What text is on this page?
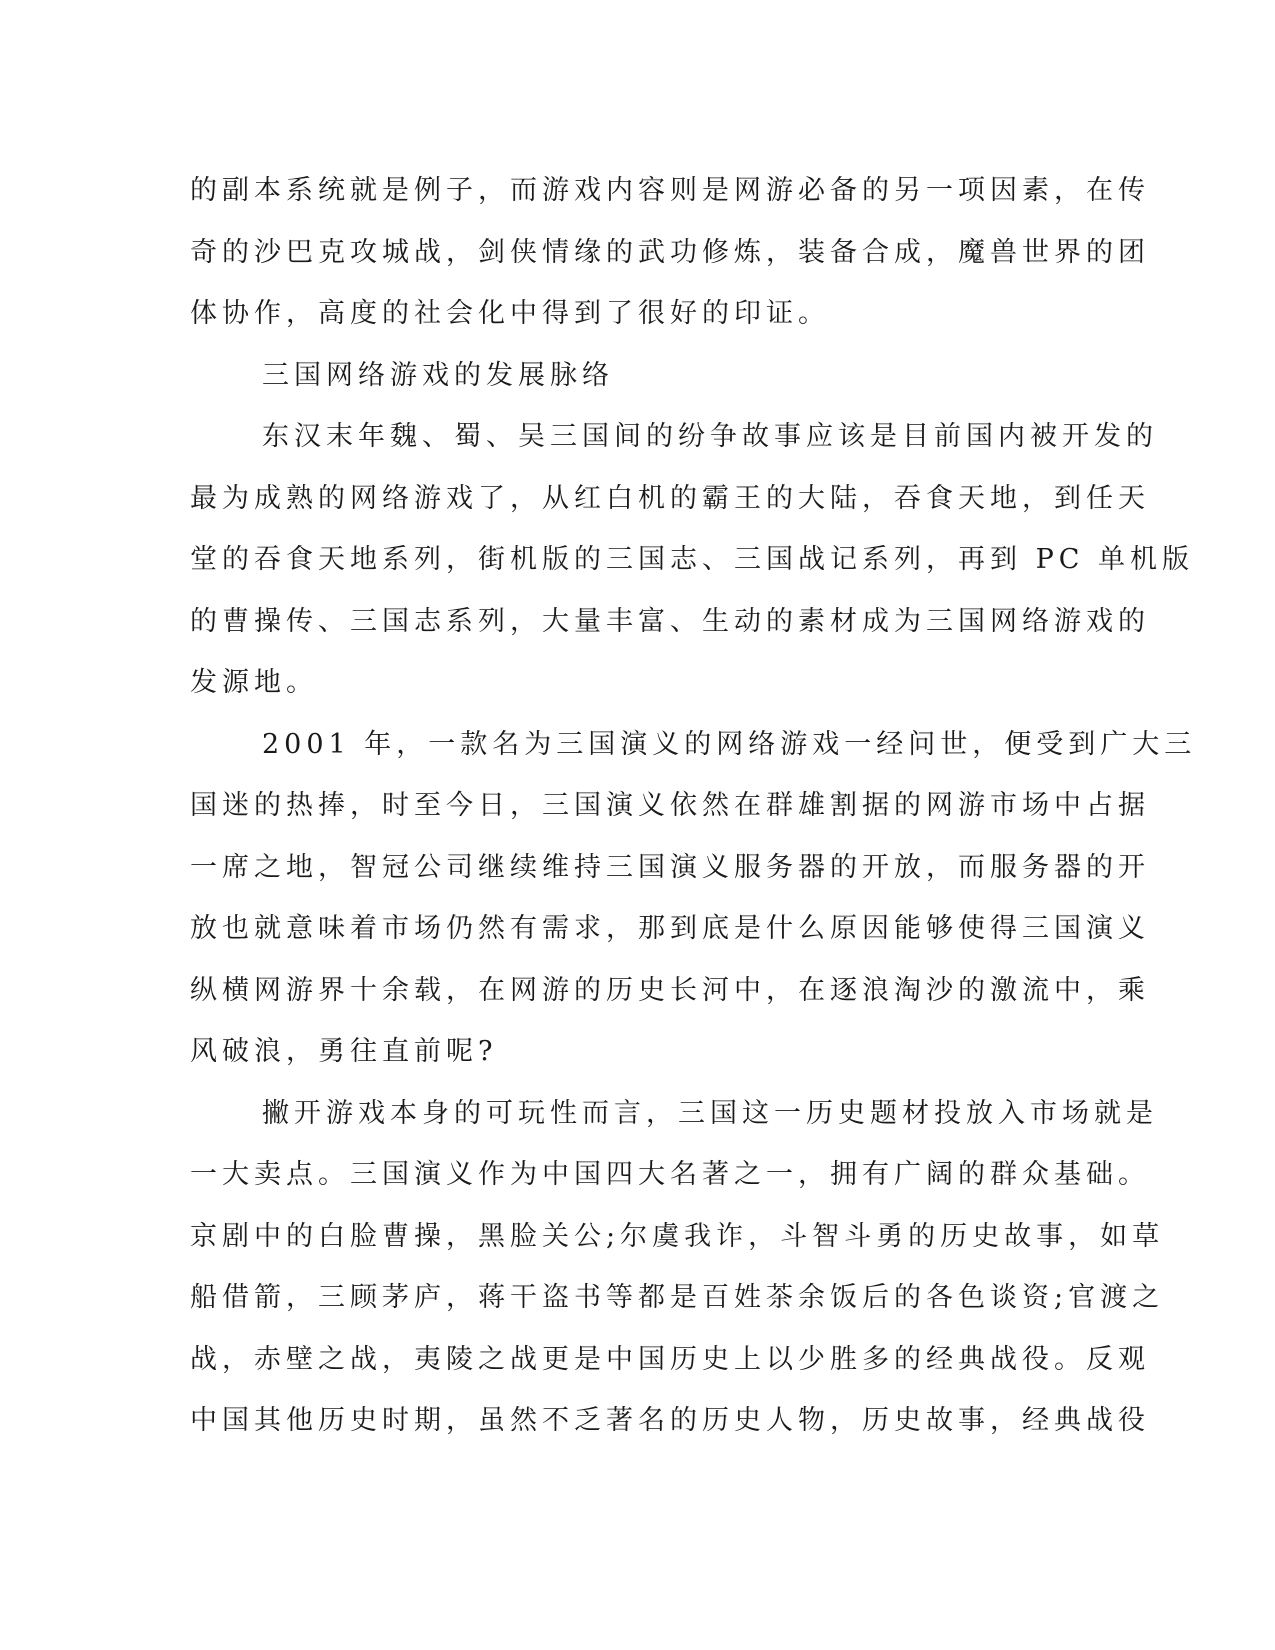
的副本系统就是例子，而游戏内容则是网游必备的另一项因素，在传
奇的沙巴克攻城战，剑侠情缘的武功修炼，装备合成，魔兽世界的团
体协作，高度的社会化中得到了很好的印证。
三国网络游戏的发展脉络
东汉末年魏、蜀、吴三国间的纷争故事应该是目前国内被开发的
最为成熟的网络游戏了，从红白机的霸王的大陆，吞食天地，到任天
堂的吞食天地系列，街机版的三国志、三国战记系列，再到 PC 单机版
的曹操传、三国志系列，大量丰富、生动的素材成为三国网络游戏的
发源地。
2001 年，一款名为三国演义的网络游戏一经问世，便受到广大三
国迷的热捧，时至今日，三国演义依然在群雄割据的网游市场中占据
一席之地，智冠公司继续维持三国演义服务器的开放，而服务器的开
放也就意味着市场仍然有需求，那到底是什么原因能够使得三国演义
纵横网游界十余载，在网游的历史长河中，在逐浪淘沙的激流中，乘
风破浪，勇往直前呢?
撇开游戏本身的可玩性而言，三国这一历史题材投放入市场就是
一大卖点。三国演义作为中国四大名著之一，拥有广阔的群众基础。
京剧中的白脸曹操，黑脸关公;尔虞我诈，斗智斗勇的历史故事，如草
船借箭，三顾茅庐，蒋干盗书等都是百姓茶余饭后的各色谈资;官渡之
战，赤壁之战，夷陵之战更是中国历史上以少胜多的经典战役。反观
中国其他历史时期，虽然不乏著名的历史人物，历史故事，经典战役
